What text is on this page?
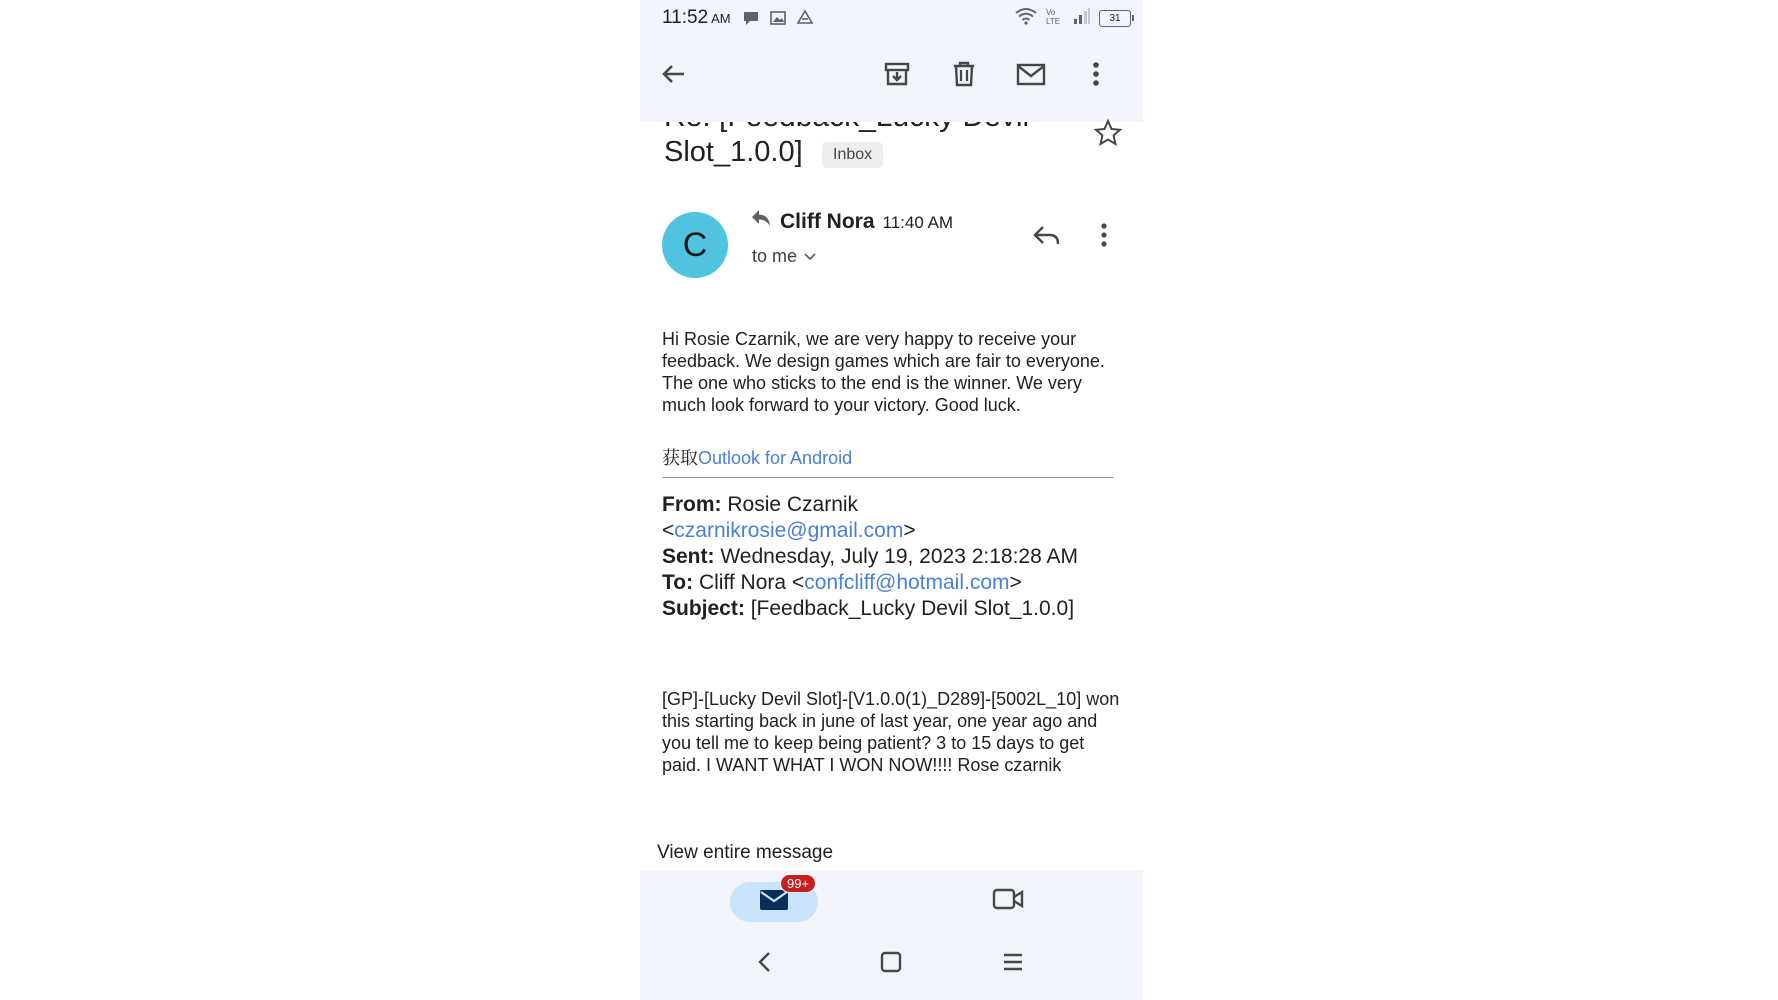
11:52 AM	Vo
LTE	31
Slot_1.0.0]	Inbox
C
Cliff Nora 11:40 AM
to me
Hi Rosie Czarnik, we are very happy to receive your feedback. We design games which are fair to everyone. The one who sticks to the end is the winner. We very much look forward to your victory. Good luck.
获取Outlook for Android
From: Rosie Czarnik
<czarnikrosie@gmail.com>
Sent: Wednesday, July 19, 2023 2:18:28 AM
To: Cliff Nora <confcliff@hotmail.com>
Subject: [Feedback_Lucky Devil Slot_1.0.0]
[GP]-[Lucky Devil Slot]-[V1.0.0(1)_D289]-[5002L_10] won this starting back in june of last year, one year ago and you tell me to keep being patient? 3 to 15 days to get paid. I WANT WHAT I WON NOW!!!! Rose czarnik
View entire message
99+
